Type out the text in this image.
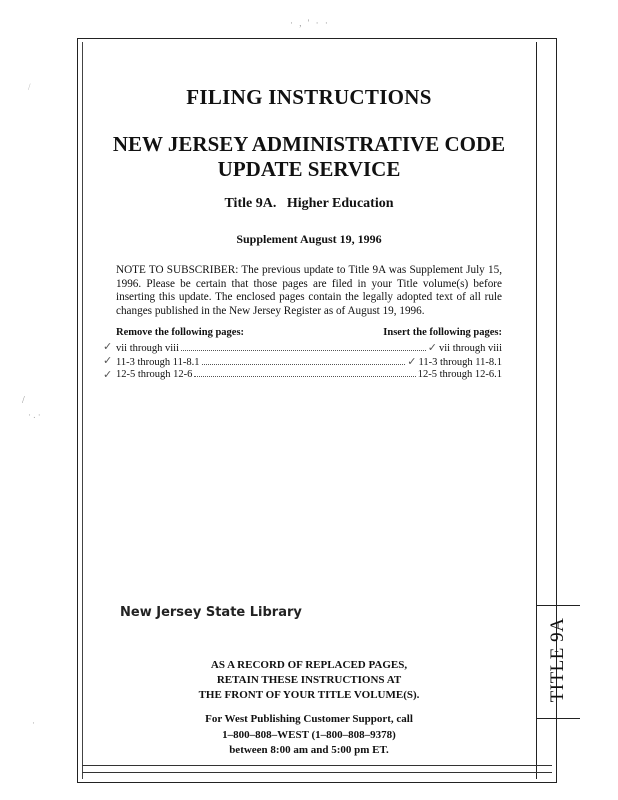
· , ' · ·
/
/
· . ·
·
FILING INSTRUCTIONS
NEW JERSEY ADMINISTRATIVE CODE
UPDATE SERVICE
Title 9A.   Higher Education
Supplement August 19, 1996
NOTE TO SUBSCRIBER: The previous update to Title 9A was Supplement July 15, 1996. Please be certain that those pages are filed in your Title volume(s) before inserting this update. The enclosed pages contain the legally adopted text of all rule changes published in the New Jersey Register as of August 19, 1996.
Remove the following pages:	Insert the following pages:
✓ vii through viii	✓ vii through viii
✓ 11-3 through 11-8.1	✓ 11-3 through 11-8.1
✓ 12-5 through 12-6	12-5 through 12-6.1
New Jersey State Library
AS A RECORD OF REPLACED PAGES,
RETAIN THESE INSTRUCTIONS AT
THE FRONT OF YOUR TITLE VOLUME(S).
For West Publishing Customer Support, call
1–800–808–WEST (1–800–808–9378)
between 8:00 am and 5:00 pm ET.
TITLE 9A
